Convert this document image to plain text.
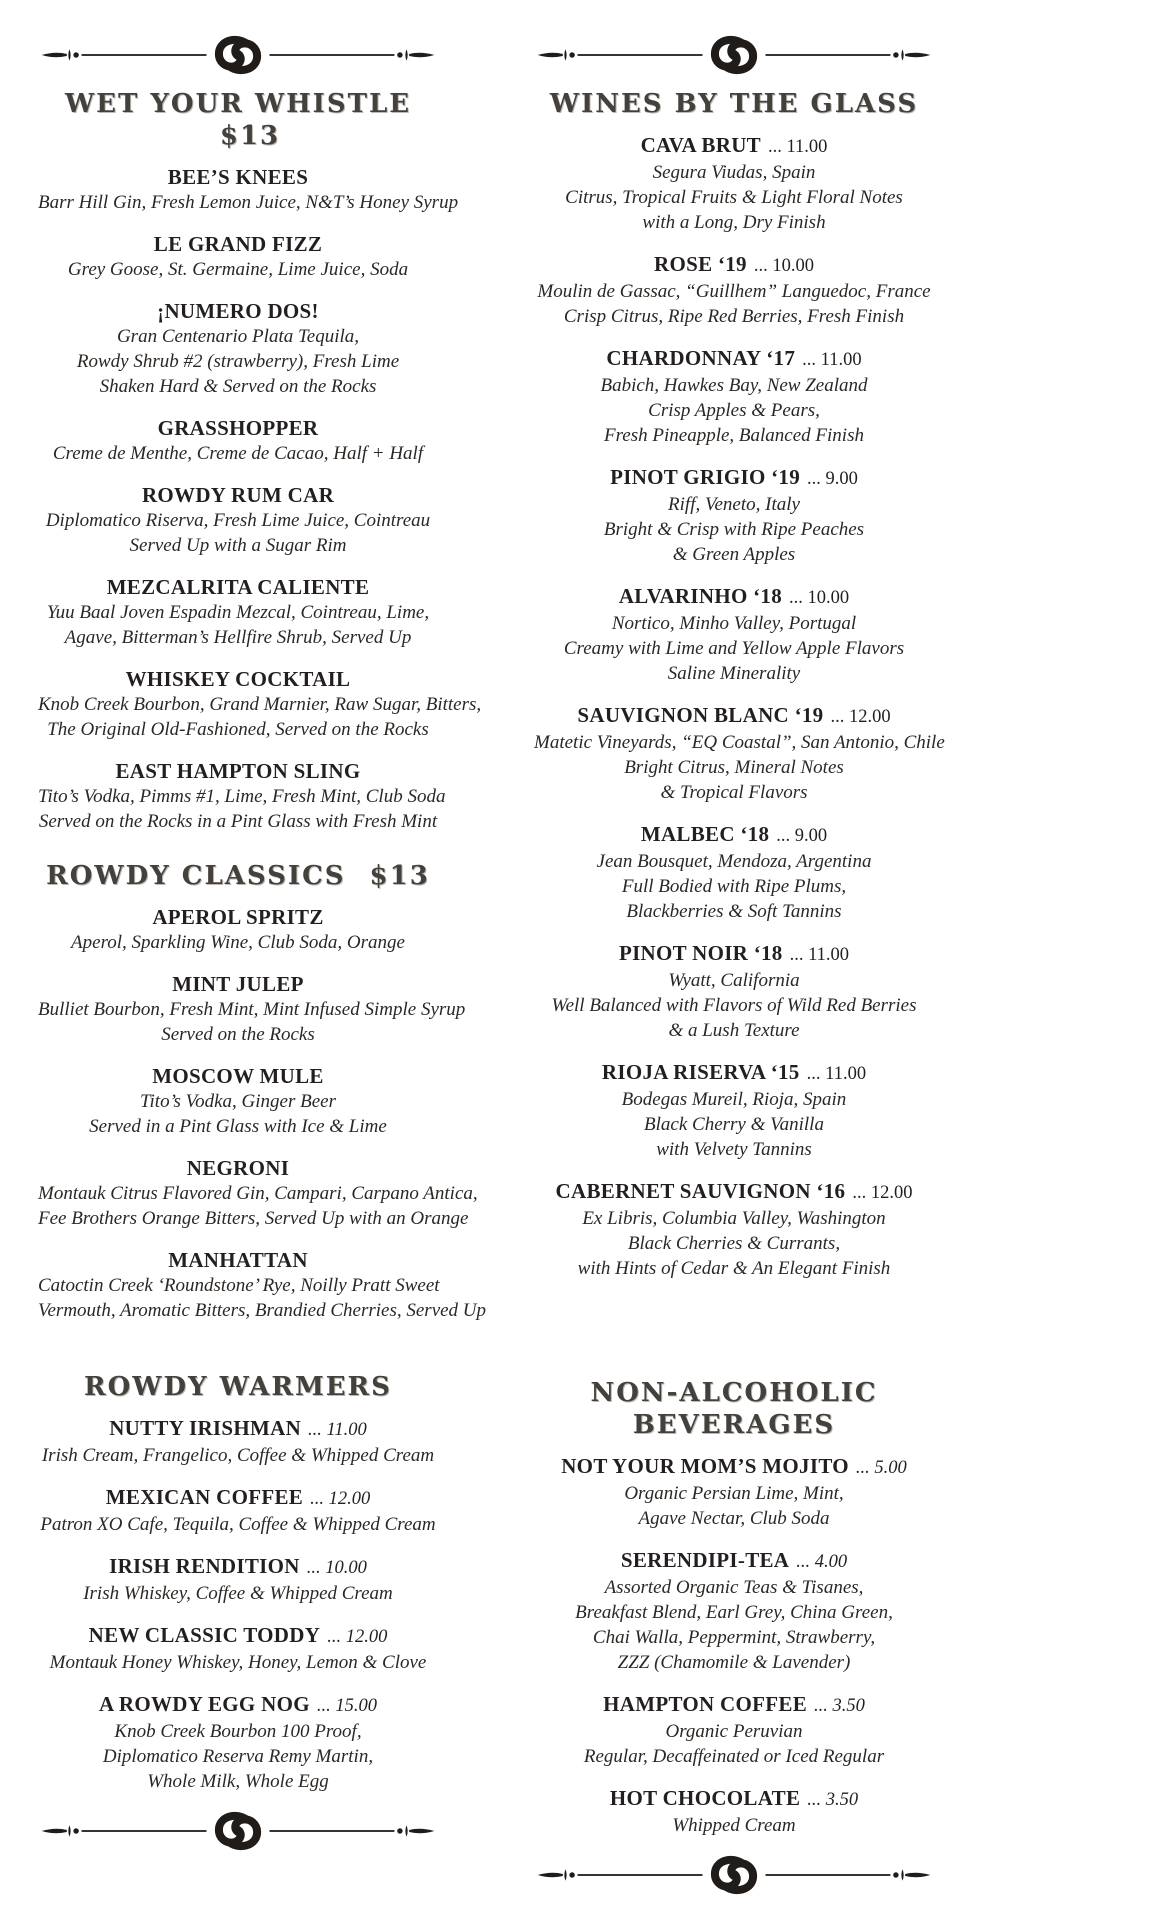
WET YOUR WHISTLE$13
BEE’S KNEES
Barr Hill Gin, Fresh Lemon Juice, N&T’s Honey Syrup
LE GRAND FIZZ
Grey Goose, St. Germaine, Lime Juice, Soda
¡NUMERO DOS!
Gran Centenario Plata Tequila,
Rowdy Shrub #2 (strawberry), Fresh Lime
Shaken Hard & Served on the Rocks
GRASSHOPPER
Creme de Menthe, Creme de Cacao, Half + Half
ROWDY RUM CAR
Diplomatico Riserva, Fresh Lime Juice, Cointreau
Served Up with a Sugar Rim
MEZCALRITA CALIENTE
Yuu Baal Joven Espadin Mezcal, Cointreau, Lime,
Agave, Bitterman’s Hellfire Shrub, Served Up
WHISKEY COCKTAIL
Knob Creek Bourbon, Grand Marnier, Raw Sugar, Bitters,
The Original Old-Fashioned, Served on the Rocks
EAST HAMPTON SLING
Tito’s Vodka, Pimms #1, Lime, Fresh Mint, Club Soda
Served on the Rocks in a Pint Glass with Fresh Mint
ROWDY CLASSICS $13
APEROL SPRITZ
Aperol, Sparkling Wine, Club Soda, Orange
MINT JULEP
Bulliet Bourbon, Fresh Mint, Mint Infused Simple Syrup
Served on the Rocks
MOSCOW MULE
Tito’s Vodka, Ginger Beer
Served in a Pint Glass with Ice & Lime
NEGRONI
Montauk Citrus Flavored Gin, Campari, Carpano Antica,
Fee Brothers Orange Bitters, Served Up with an Orange
MANHATTAN
Catoctin Creek ‘Roundstone’ Rye, Noilly Pratt Sweet
Vermouth, Aromatic Bitters, Brandied Cherries, Served Up
ROWDY WARMERS
NUTTY IRISHMAN ... 11.00
Irish Cream, Frangelico, Coffee & Whipped Cream
MEXICAN COFFEE ... 12.00
Patron XO Cafe, Tequila, Coffee & Whipped Cream
IRISH RENDITION ... 10.00
Irish Whiskey, Coffee & Whipped Cream
NEW CLASSIC TODDY ... 12.00
Montauk Honey Whiskey, Honey, Lemon & Clove
A ROWDY EGG NOG ... 15.00
Knob Creek Bourbon 100 Proof,
Diplomatico Reserva Remy Martin,
Whole Milk, Whole Egg
WINES BY THE GLASS
CAVA BRUT ... 11.00
Segura Viudas, Spain
Citrus, Tropical Fruits & Light Floral Notes
with a Long, Dry Finish
ROSE ‘19 ... 10.00
Moulin de Gassac, “Guillhem” Languedoc, France
Crisp Citrus, Ripe Red Berries, Fresh Finish
CHARDONNAY ‘17 ... 11.00
Babich, Hawkes Bay, New Zealand
Crisp Apples & Pears,
Fresh Pineapple, Balanced Finish
PINOT GRIGIO ‘19 ... 9.00
Riff, Veneto, Italy
Bright & Crisp with Ripe Peaches
& Green Apples
ALVARINHO ‘18 ... 10.00
Nortico, Minho Valley, Portugal
Creamy with Lime and Yellow Apple Flavors
Saline Minerality
SAUVIGNON BLANC ‘19 ... 12.00
Matetic Vineyards, “EQ Coastal”, San Antonio, Chile
Bright Citrus, Mineral Notes
& Tropical Flavors
MALBEC ‘18 ... 9.00
Jean Bousquet, Mendoza, Argentina
Full Bodied with Ripe Plums,
Blackberries & Soft Tannins
PINOT NOIR ‘18 ... 11.00
Wyatt, California
Well Balanced with Flavors of Wild Red Berries
& a Lush Texture
RIOJA RISERVA ‘15 ... 11.00
Bodegas Mureil, Rioja, Spain
Black Cherry & Vanilla
with Velvety Tannins
CABERNET SAUVIGNON ‘16 ... 12.00
Ex Libris, Columbia Valley, Washington
Black Cherries & Currants,
with Hints of Cedar & An Elegant Finish
NON-ALCOHOLIC BEVERAGES
NOT YOUR MOM’S MOJITO ... 5.00
Organic Persian Lime, Mint,
Agave Nectar, Club Soda
SERENDIPI-TEA ... 4.00
Assorted Organic Teas & Tisanes,
Breakfast Blend, Earl Grey, China Green,
Chai Walla, Peppermint, Strawberry,
ZZZ (Chamomile & Lavender)
HAMPTON COFFEE ... 3.50
Organic Peruvian
Regular, Decaffeinated or Iced Regular
HOT CHOCOLATE ... 3.50
Whipped Cream
